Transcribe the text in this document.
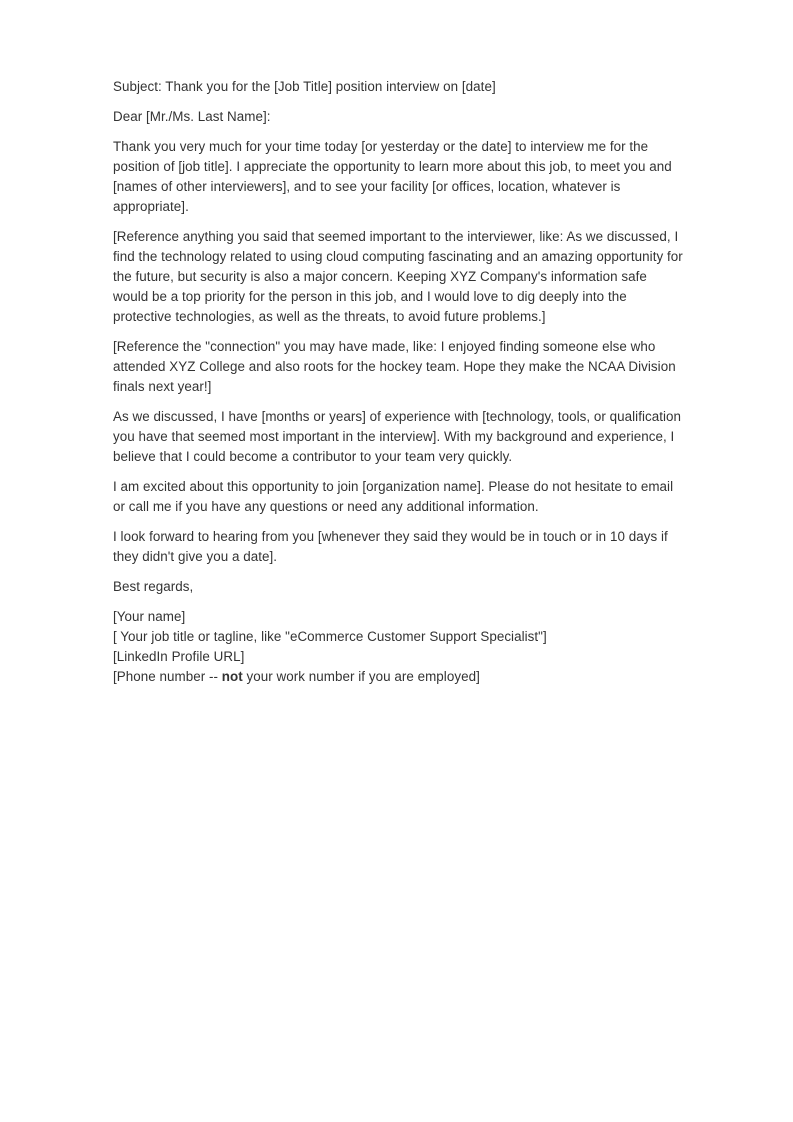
Subject: Thank you for the [Job Title] position interview on [date]

Dear [Mr./Ms. Last Name]:

Thank you very much for your time today [or yesterday or the date] to interview me for the position of [job title]. I appreciate the opportunity to learn more about this job, to meet you and [names of other interviewers], and to see your facility [or offices, location, whatever is appropriate].

[Reference anything you said that seemed important to the interviewer, like: As we discussed, I find the technology related to using cloud computing fascinating and an amazing opportunity for the future, but security is also a major concern. Keeping XYZ Company's information safe would be a top priority for the person in this job, and I would love to dig deeply into the protective technologies, as well as the threats, to avoid future problems.]

[Reference the "connection" you may have made, like: I enjoyed finding someone else who attended XYZ College and also roots for the hockey team. Hope they make the NCAA Division finals next year!]

As we discussed, I have [months or years] of experience with [technology, tools, or qualification you have that seemed most important in the interview]. With my background and experience, I believe that I could become a contributor to your team very quickly.

I am excited about this opportunity to join [organization name]. Please do not hesitate to email or call me if you have any questions or need any additional information.

I look forward to hearing from you [whenever they said they would be in touch or in 10 days if they didn't give you a date].

Best regards,

[Your name]
[ Your job title or tagline, like "eCommerce Customer Support Specialist"]
[LinkedIn Profile URL]
[Phone number -- not your work number if you are employed]
